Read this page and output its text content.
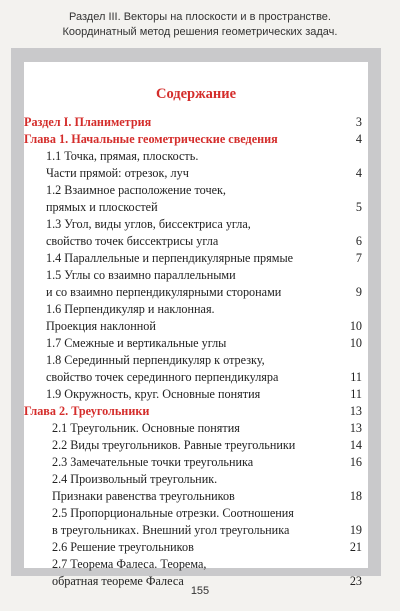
Раздел III. Векторы на плоскости и в пространстве.
Координатный метод решения геометрических задач.
Содержание
Раздел I. Планиметрия	3
Глава 1. Начальные геометрические сведения	4
1.1 Точка, прямая, плоскость.
Части прямой: отрезок, луч	4
1.2 Взаимное расположение точек,
прямых и плоскостей	5
1.3 Угол, виды углов, биссектриса угла,
свойство точек биссектрисы угла	6
1.4 Параллельные и перпендикулярные прямые	7
1.5 Углы со взаимно параллельными
и со взаимно перпендикулярными сторонами	9
1.6 Перпендикуляр и наклонная.
Проекция наклонной	10
1.7 Смежные и вертикальные углы	10
1.8 Серединный перпендикуляр к отрезку,
свойство точек серединного перпендикуляра	11
1.9 Окружность, круг. Основные понятия	11
Глава 2. Треугольники	13
2.1 Треугольник. Основные понятия	13
2.2 Виды треугольников. Равные треугольники	14
2.3 Замечательные точки треугольника	16
2.4 Произвольный треугольник.
Признаки равенства треугольников	18
2.5 Пропорциональные отрезки. Соотношения
в треугольниках. Внешний угол треугольника	19
2.6 Решение треугольников	21
2.7 Теорема Фалеса. Теорема,
обратная теореме Фалеса	23
155
